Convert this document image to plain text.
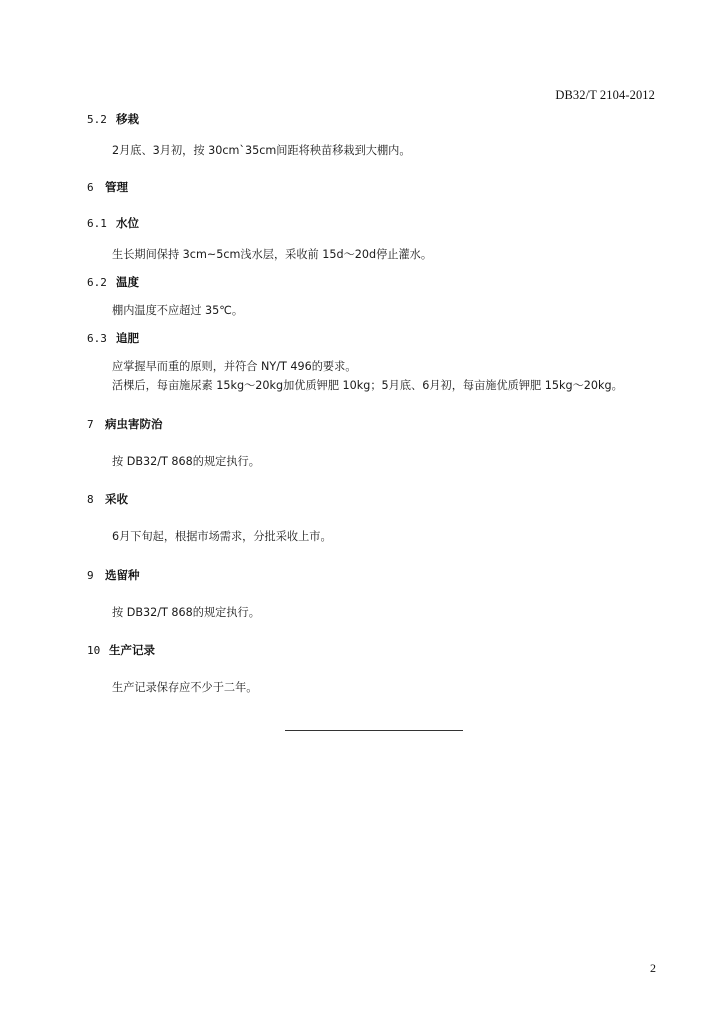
DB32/T 2104-2012
5.2 移栽
2月底、3月初，按 30cm`35cm间距将秧苗移栽到大棚内。
6 管理
6.1 水位
生长期间保持 3cm~5cm浅水层，采收前 15d～20d停止灌水。
6.2 温度
棚内温度不应超过 35℃。
6.3 追肥
应掌握早而重的原则，并符合 NY/T 496的要求。
活棵后，每亩施尿素 15kg～20kg加优质钾肥 10kg；5月底、6月初，每亩施优质钾肥 15kg～20kg。
7 病虫害防治
按 DB32/T 868的规定执行。
8 采收
6月下旬起，根据市场需求，分批采收上市。
9 选留种
按 DB32/T 868的规定执行。
10 生产记录
生产记录保存应不少于二年。
2
